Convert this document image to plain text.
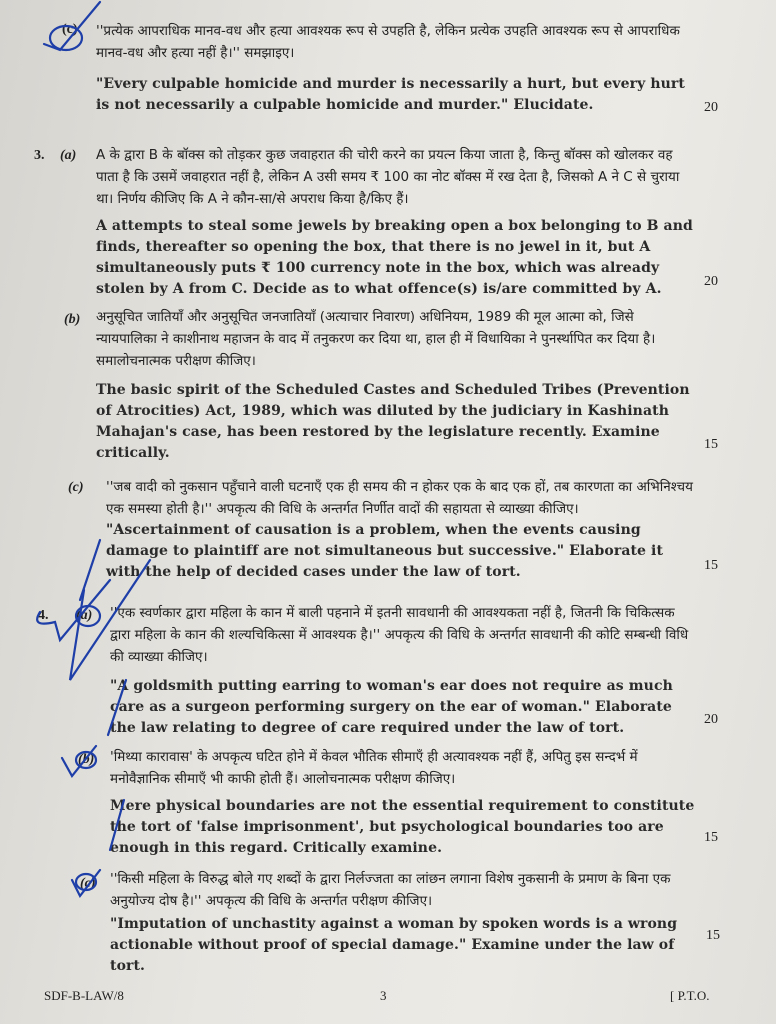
(c) ''प्रत्येक आपराधिक मानव-वध और हत्या आवश्यक रूप से उपहति है, लेकिन प्रत्येक उपहति आवश्यक रूप से आपराधिक मानव-वध और हत्या नहीं है।'' समझाइए।
"Every culpable homicide and murder is necessarily a hurt, but every hurt is not necessarily a culpable homicide and murder." Elucidate.	20
3. (a) A के द्वारा B के बॉक्स को तोड़कर कुछ जवाहरात की चोरी करने का प्रयत्न किया जाता है, किन्तु बॉक्स को खोलकर वह पाता है कि उसमें जवाहरात नहीं है, लेकिन A उसी समय ₹ 100 का नोट बॉक्स में रख देता है, जिसको A ने C से चुराया था। निर्णय कीजिए कि A ने कौन-सा/से अपराध किया है/किए हैं।
A attempts to steal some jewels by breaking open a box belonging to B and finds, thereafter so opening the box, that there is no jewel in it, but A simultaneously puts ₹ 100 currency note in the box, which was already stolen by A from C. Decide as to what offence(s) is/are committed by A.	20
(b) अनुसूचित जातियाँ और अनुसूचित जनजातियाँ (अत्याचार निवारण) अधिनियम, 1989 की मूल आत्मा को, जिसे न्यायपालिका ने काशीनाथ महाजन के वाद में तनुकरण कर दिया था, हाल ही में विधायिका ने पुनर्स्थापित कर दिया है। समालोचनात्मक परीक्षण कीजिए।
The basic spirit of the Scheduled Castes and Scheduled Tribes (Prevention of Atrocities) Act, 1989, which was diluted by the judiciary in Kashinath Mahajan's case, has been restored by the legislature recently. Examine critically.
15
(c) ''जब वादी को नुकसान पहुँचाने वाली घटनाएँ एक ही समय की न होकर एक के बाद एक हों, तब कारणता का अभिनिश्चय एक समस्या होती है।'' अपकृत्य की विधि के अन्तर्गत निर्णीत वादों की सहायता से व्याख्या कीजिए।
"Ascertainment of causation is a problem, when the events causing damage to plaintiff are not simultaneous but successive." Elaborate it with the help of decided cases under the law of tort.	15
4. (a) ''एक स्वर्णकार द्वारा महिला के कान में बाली पहनाने में इतनी सावधानी की आवश्यकता नहीं है, जितनी कि चिकित्सक द्वारा महिला के कान की शल्यचिकित्सा में आवश्यक है।'' अपकृत्य की विधि के अन्तर्गत सावधानी की कोटि सम्बन्धी विधि की व्याख्या कीजिए।
"A goldsmith putting earring to woman's ear does not require as much care as a surgeon performing surgery on the ear of woman." Elaborate the law relating to degree of care required under the law of tort.
20
(b) 'मिथ्या कारावास' के अपकृत्य घटित होने में केवल भौतिक सीमाएँ ही अत्यावश्यक नहीं हैं, अपितु इस सन्दर्भ में मनोवैज्ञानिक सीमाएँ भी काफी होती हैं। आलोचनात्मक परीक्षण कीजिए।
Mere physical boundaries are not the essential requirement to constitute the tort of 'false imprisonment', but psychological boundaries too are enough in this regard. Critically examine.
15
(c) ''किसी महिला के विरुद्ध बोले गए शब्दों के द्वारा निर्लज्जता का लांछन लगाना विशेष नुकसानी के प्रमाण के बिना एक अनुयोज्य दोष है।'' अपकृत्य की विधि के अन्तर्गत परीक्षण कीजिए।
"Imputation of unchastity against a woman by spoken words is a wrong actionable without proof of special damage." Examine under the law of tort.
15
SDF-B-LAW/8	3	[ P.T.O.
